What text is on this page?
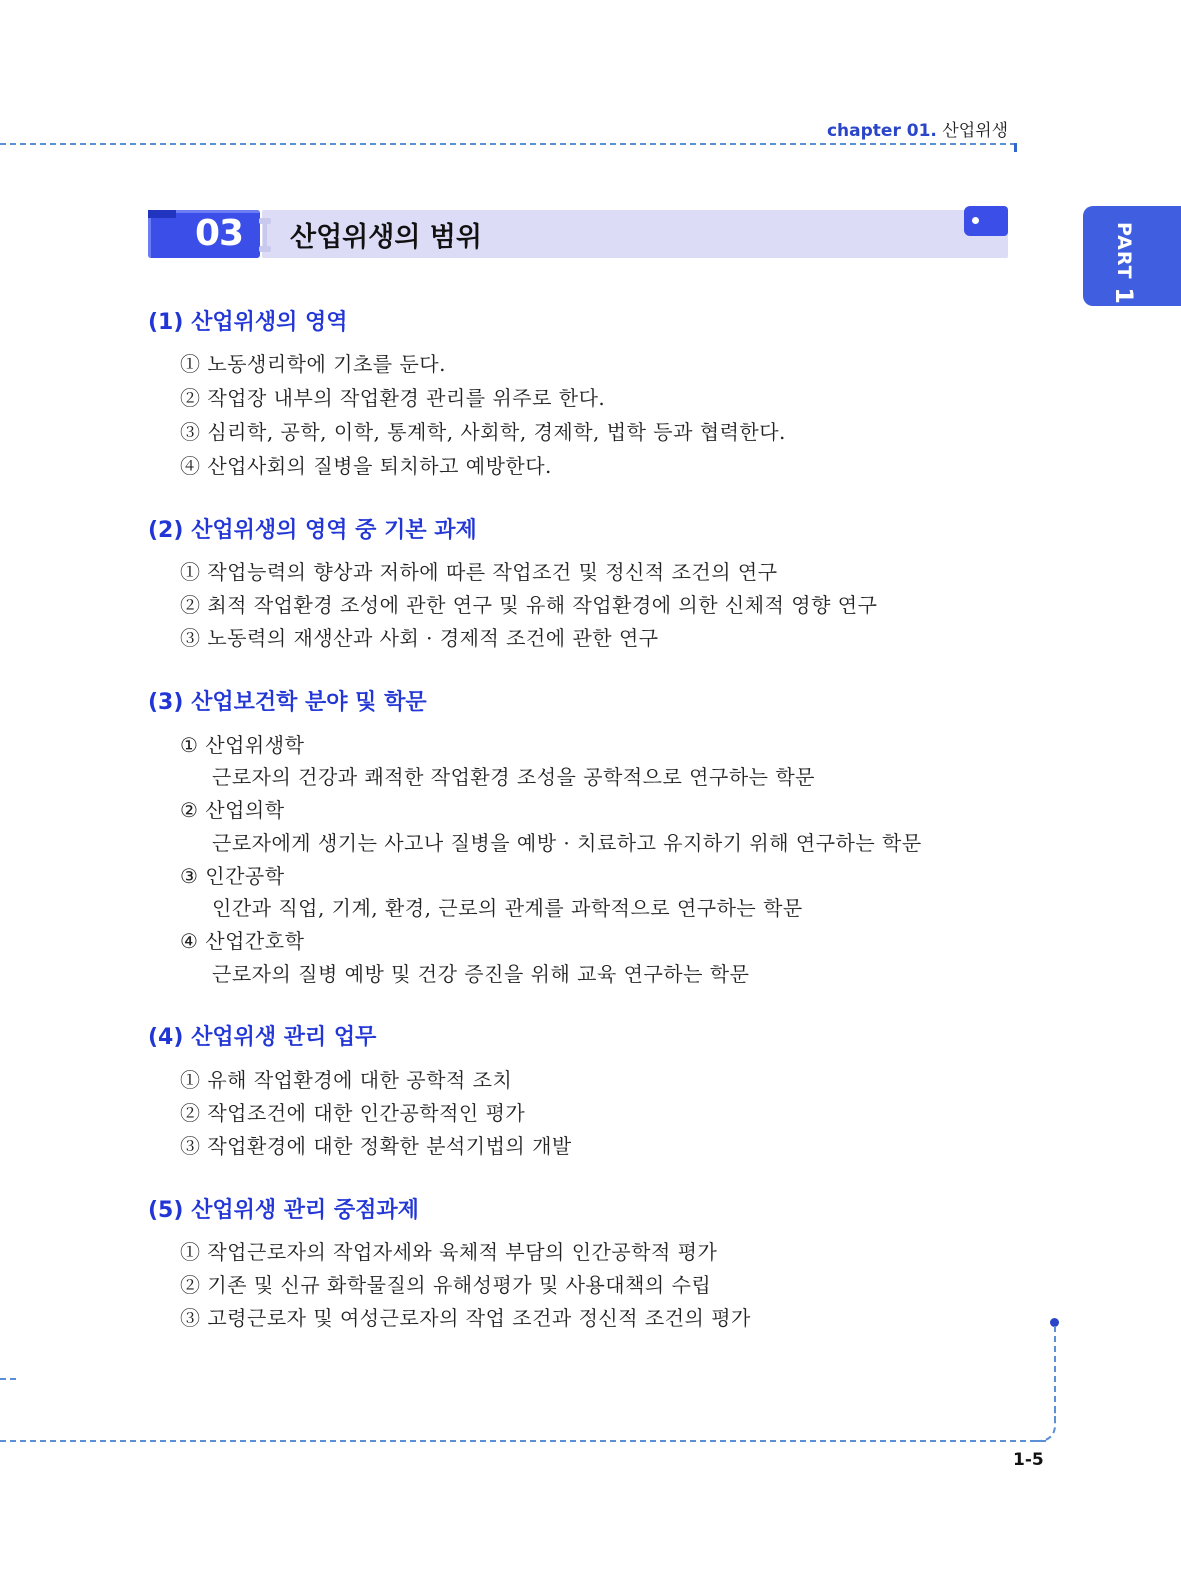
chapter 01. 산업위생
PART 1
03 산업위생의 범위
(1) 산업위생의 영역
① 노동생리학에 기초를 둔다.
② 작업장 내부의 작업환경 관리를 위주로 한다.
③ 심리학, 공학, 이학, 통계학, 사회학, 경제학, 법학 등과 협력한다.
④ 산업사회의 질병을 퇴치하고 예방한다.
(2) 산업위생의 영역 중 기본 과제
① 작업능력의 향상과 저하에 따른 작업조건 및 정신적 조건의 연구
② 최적 작업환경 조성에 관한 연구 및 유해 작업환경에 의한 신체적 영향 연구
③ 노동력의 재생산과 사회 · 경제적 조건에 관한 연구
(3) 산업보건학 분야 및 학문
① 산업위생학
근로자의 건강과 쾌적한 작업환경 조성을 공학적으로 연구하는 학문
② 산업의학
근로자에게 생기는 사고나 질병을 예방 · 치료하고 유지하기 위해 연구하는 학문
③ 인간공학
인간과 직업, 기계, 환경, 근로의 관계를 과학적으로 연구하는 학문
④ 산업간호학
근로자의 질병 예방 및 건강 증진을 위해 교육 연구하는 학문
(4) 산업위생 관리 업무
① 유해 작업환경에 대한 공학적 조치
② 작업조건에 대한 인간공학적인 평가
③ 작업환경에 대한 정확한 분석기법의 개발
(5) 산업위생 관리 중점과제
① 작업근로자의 작업자세와 육체적 부담의 인간공학적 평가
② 기존 및 신규 화학물질의 유해성평가 및 사용대책의 수립
③ 고령근로자 및 여성근로자의 작업 조건과 정신적 조건의 평가
1-5
